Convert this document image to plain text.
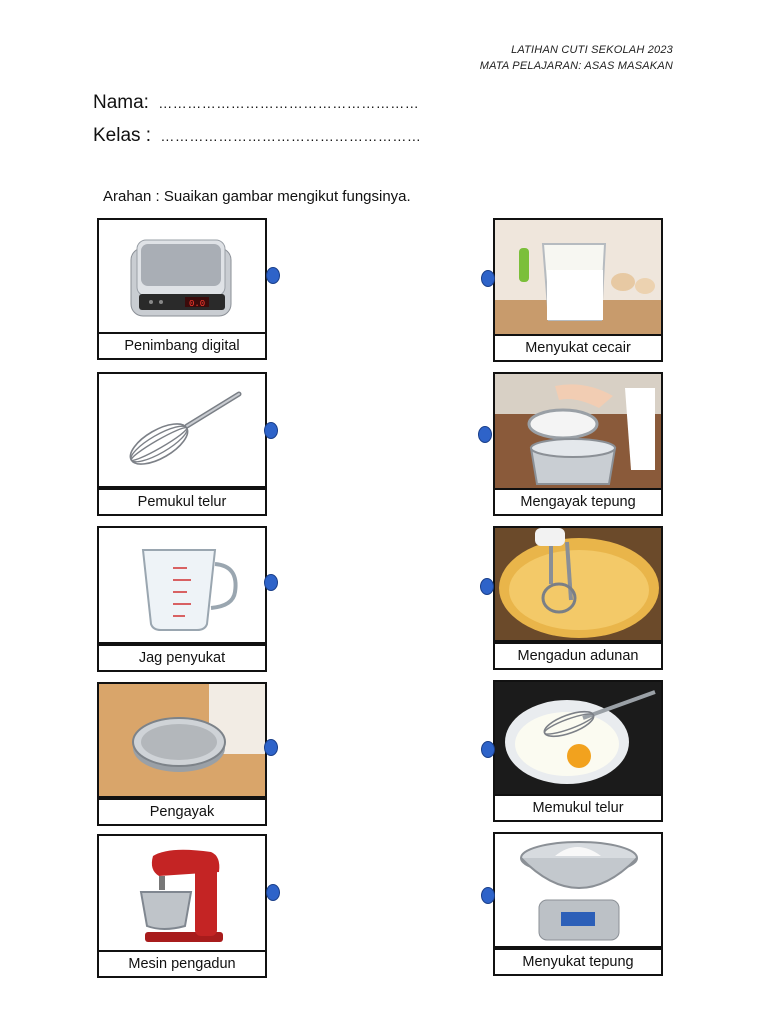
LATIHAN CUTI SEKOLAH 2023
MATA PELAJARAN: ASAS MASAKAN
Nama: ………………………………………………
Kelas : ………………………………………………
Arahan : Suaikan gambar mengikut fungsinya.
0.0
Penimbang digital
Pemukul telur
Jag penyukat
Pengayak
Mesin pengadun
Menyukat cecair
Mengayak tepung
Mengadun adunan
Memukul telur
Menyukat tepung
